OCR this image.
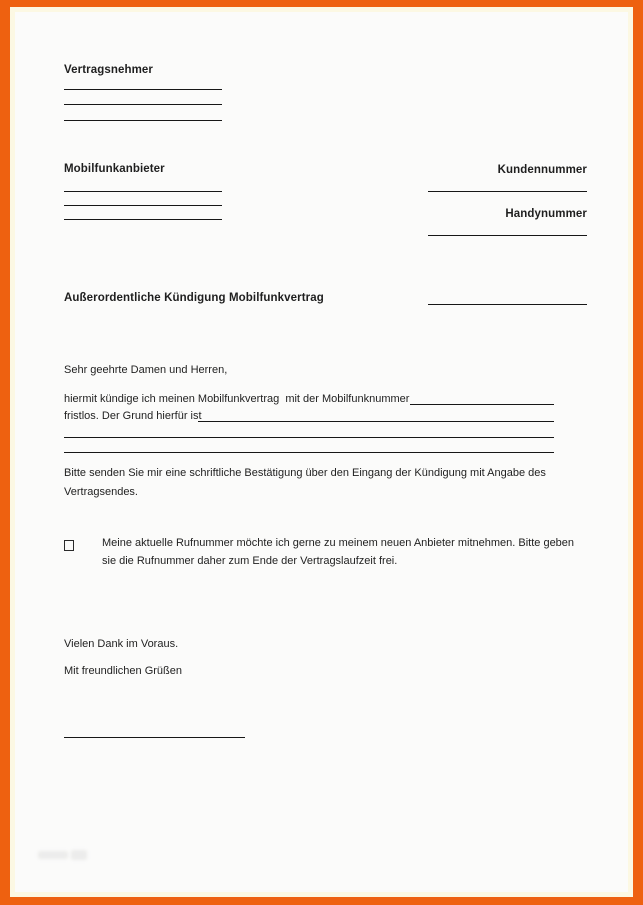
Vertragsnehmer
Mobilfunkanbieter	Kundennummer
Handynummer
Außerordentliche Kündigung Mobilfunkvertrag
Sehr geehrte Damen und Herren,
hiermit kündige ich meinen Mobilfunkvertrag  mit der Mobilfunknummer
fristlos. Der Grund hierfür ist
Bitte senden Sie mir eine schriftliche Bestätigung über den Eingang der Kündigung mit Angabe des
Vertragsendes.
Meine aktuelle Rufnummer möchte ich gerne zu meinem neuen Anbieter mitnehmen. Bitte geben
sie die Rufnummer daher zum Ende der Vertragslaufzeit frei.
Vielen Dank im Voraus.
Mit freundlichen Grüßen
